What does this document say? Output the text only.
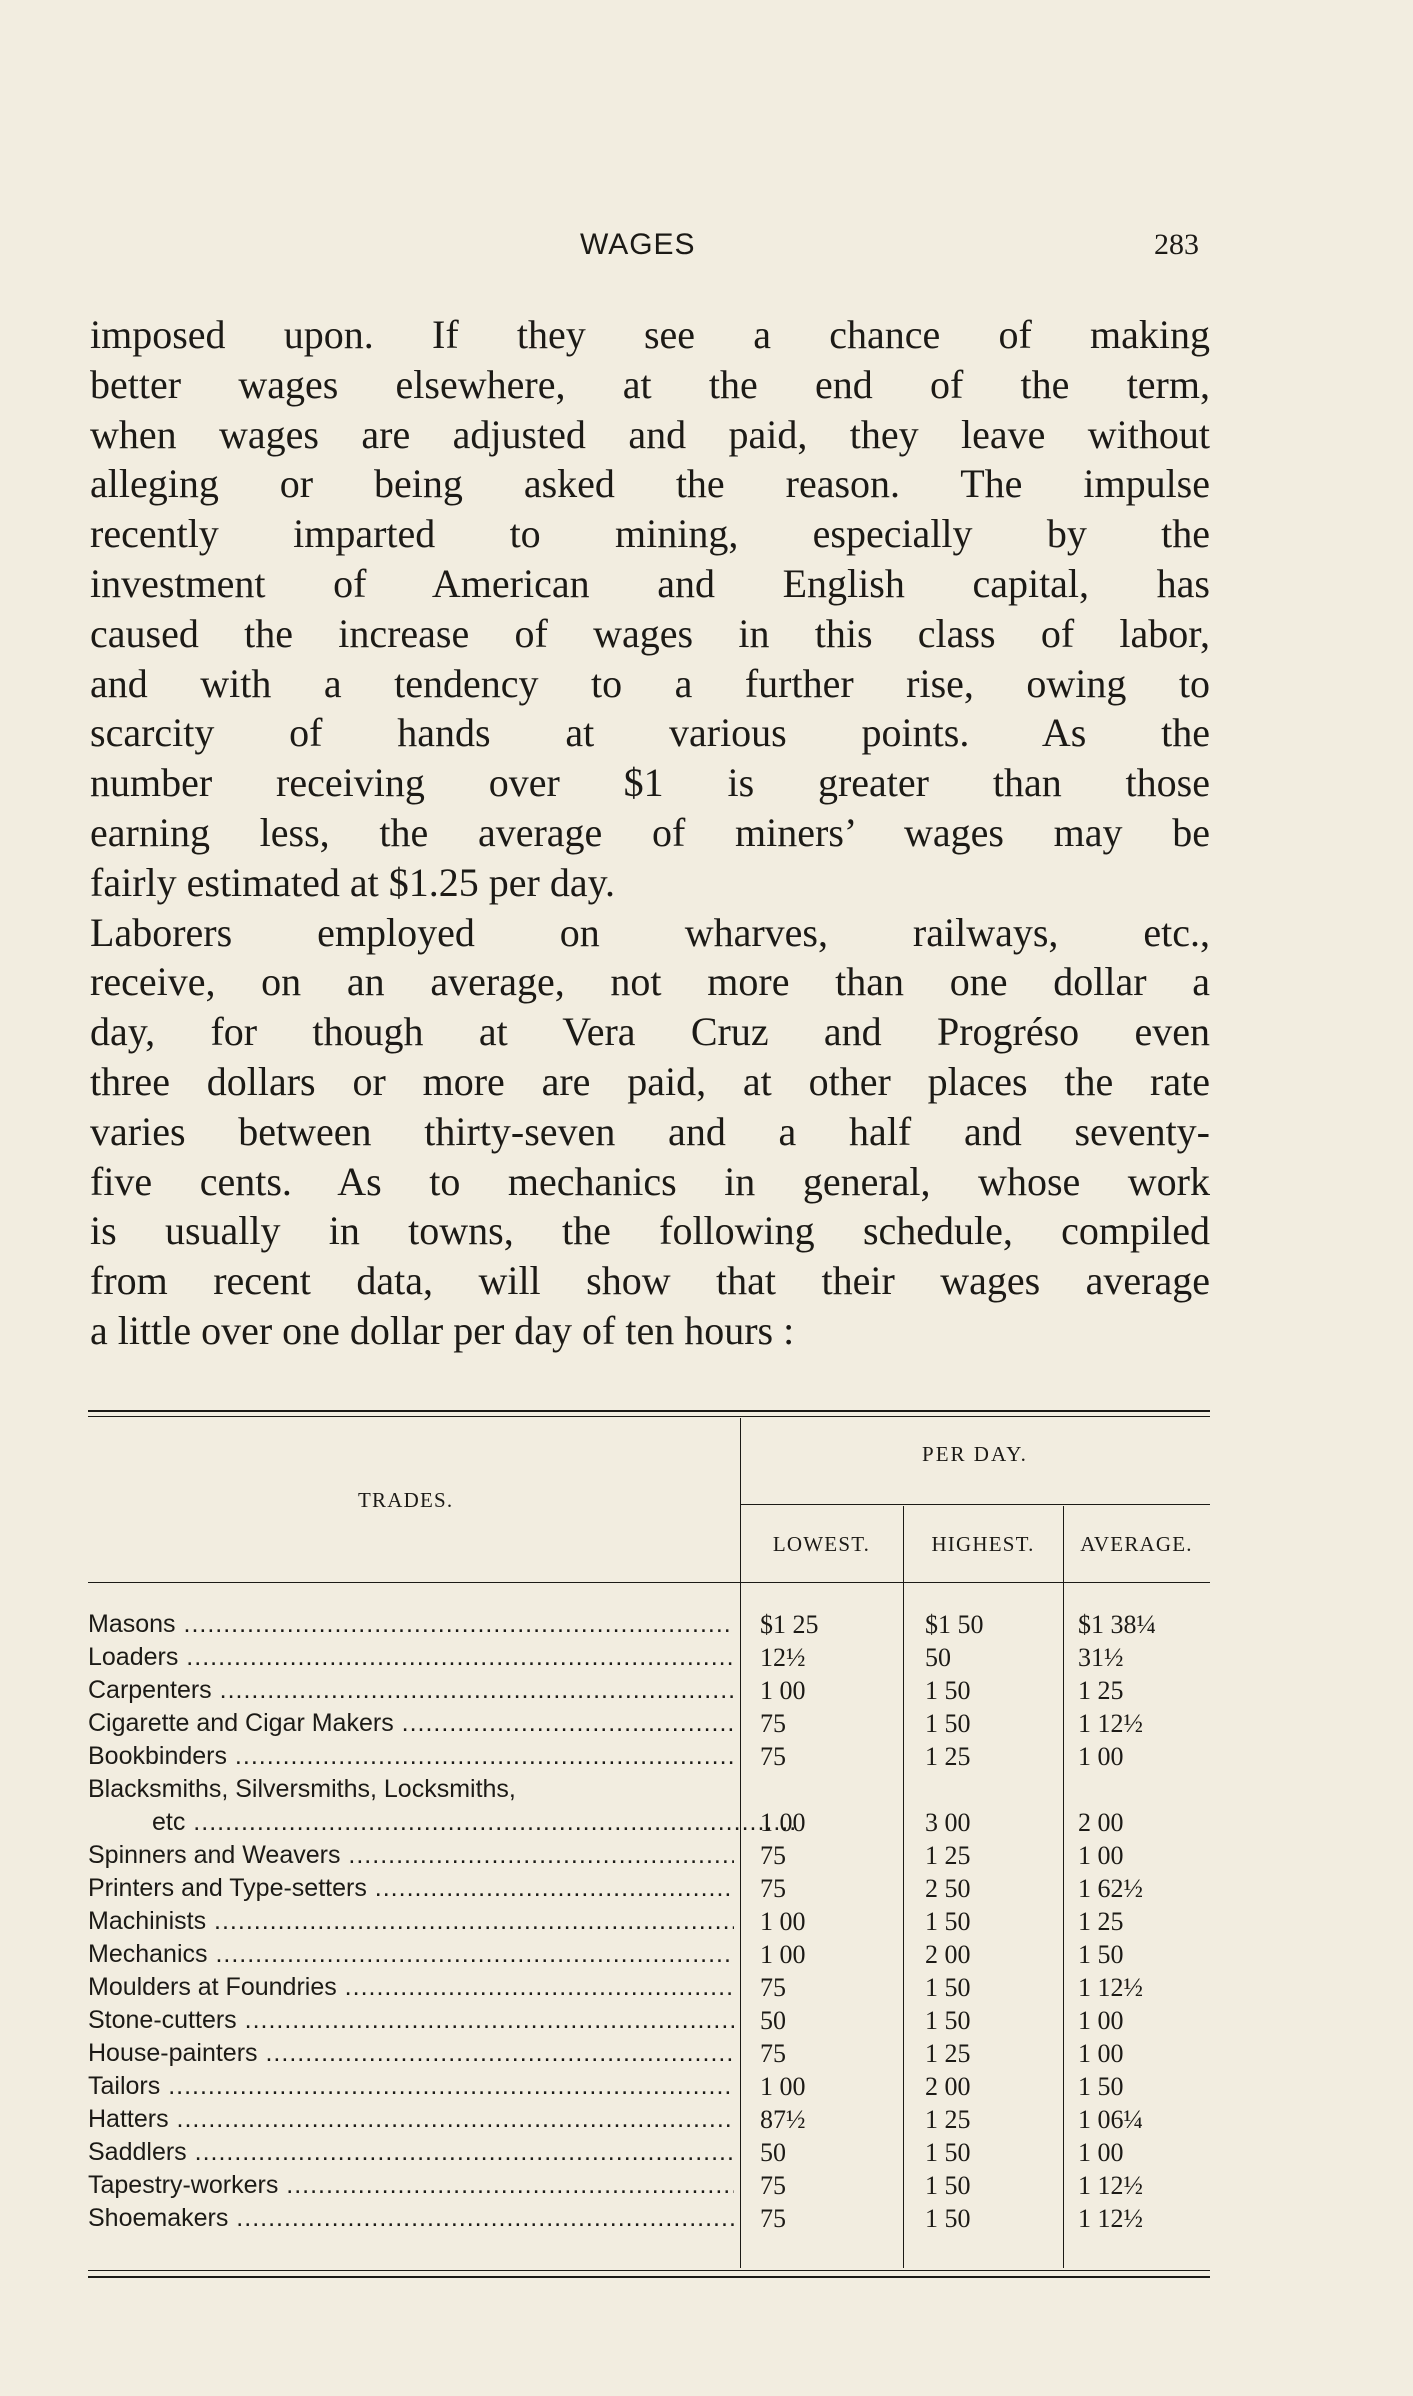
WAGES	283
imposed upon. If they see a chance of making
better wages elsewhere, at the end of the term,
when wages are adjusted and paid, they leave without
alleging or being asked the reason. The impulse
recently imparted to mining, especially by the
investment of American and English capital, has
caused the increase of wages in this class of labor,
and with a tendency to a further rise, owing to
scarcity of hands at various points. As the
number receiving over $1 is greater than those
earning less, the average of miners’ wages may be
fairly estimated at $1.25 per day.
Laborers employed on wharves, railways, etc.,
receive, on an average, not more than one dollar a
day, for though at Vera Cruz and Progréso even
three dollars or more are paid, at other places the rate
varies between thirty-seven and a half and seventy-
five cents. As to mechanics in general, whose work
is usually in towns, the following schedule, compiled
from recent data, will show that their wages average
a little over one dollar per day of ten hours :
TRADES.
PER DAY.
LOWEST.	HIGHEST.	AVERAGE.
Masons .....	$1 25	$1 50	$1 38¼
Loaders .....	12½	50	31½
Carpenters .....	1 00	1 50	1 25
Cigarette and Cigar Makers .....	75	1 50	1 12½
Bookbinders .....	75	1 25	1 00
Blacksmiths, Silversmiths, Locksmiths,
etc .....	1 00	3 00	2 00
Spinners and Weavers .....	75	1 25	1 00
Printers and Type-setters .....	75	2 50	1 62½
Machinists .....	1 00	1 50	1 25
Mechanics .....	1 00	2 00	1 50
Moulders at Foundries .....	75	1 50	1 12½
Stone-cutters .....	50	1 50	1 00
House-painters .....	75	1 25	1 00
Tailors .....	1 00	2 00	1 50
Hatters .....	87½	1 25	1 06¼
Saddlers .....	50	1 50	1 00
Tapestry-workers .....	75	1 50	1 12½
Shoemakers .....	75	1 50	1 12½
